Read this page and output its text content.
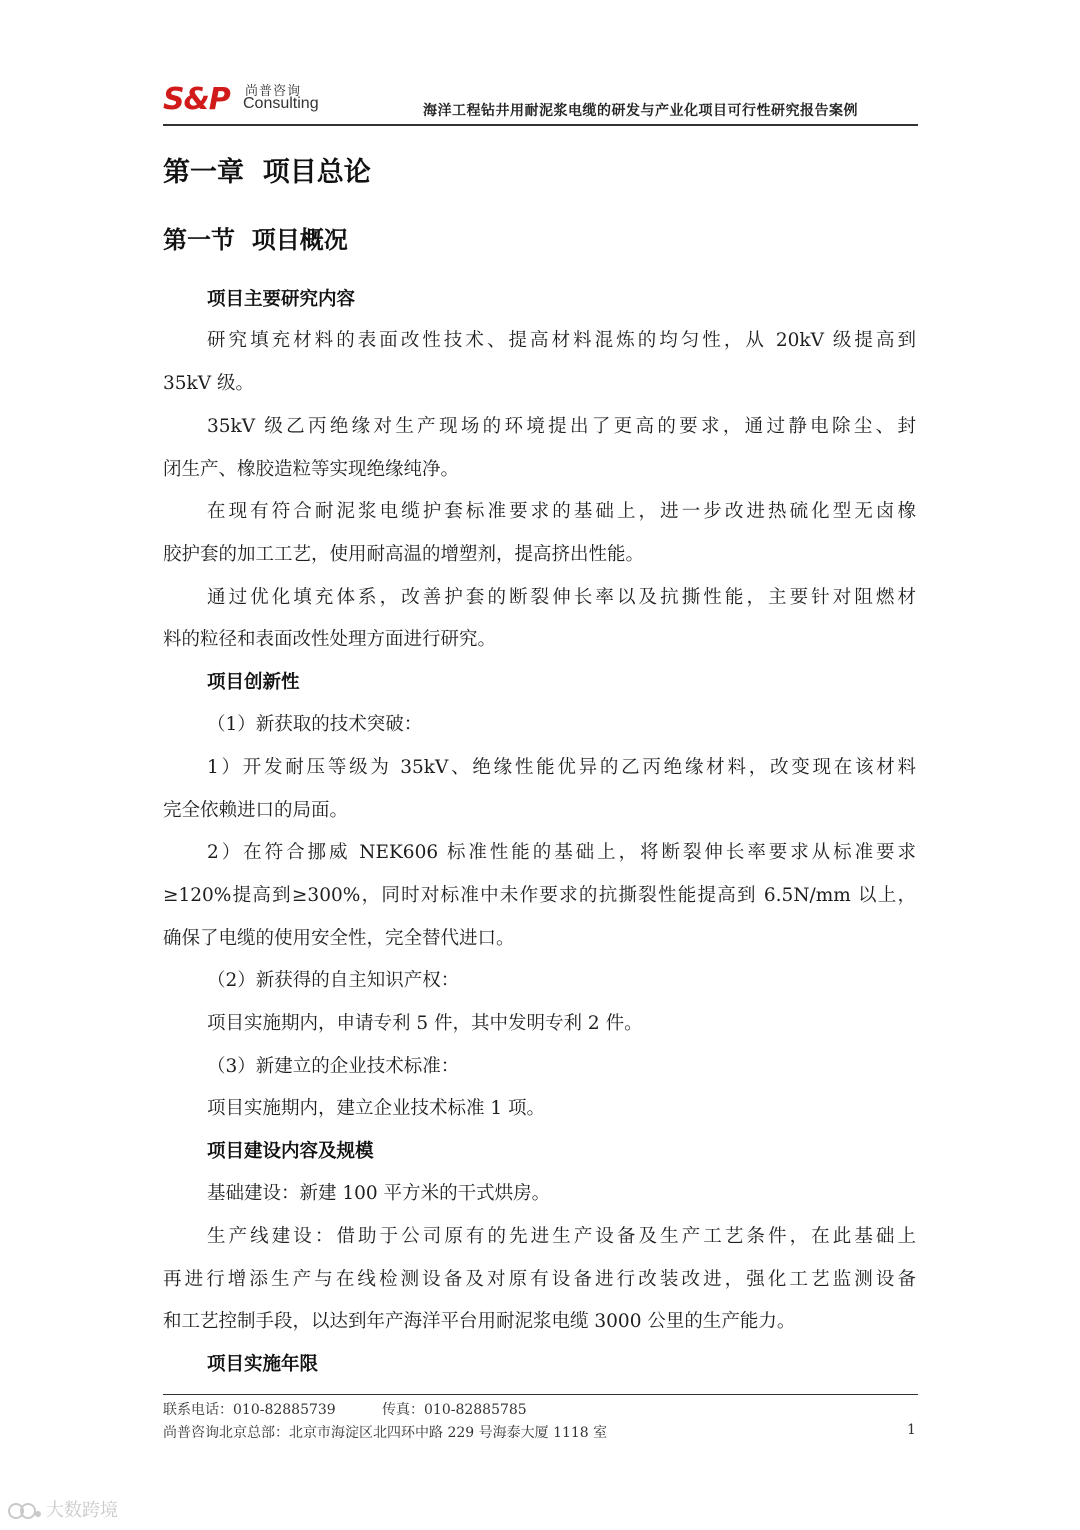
S&P 尚普咨询
Consulting	海洋工程钻井用耐泥浆电缆的研发与产业化项目可行性研究报告案例
第一章  项目总论
第一节  项目概况
项目主要研究内容
研究填充材料的表面改性技术、提高材料混炼的均匀性，从 20kV 级提高到
35kV 级。
35kV 级乙丙绝缘对生产现场的环境提出了更高的要求，通过静电除尘、封
闭生产、橡胶造粒等实现绝缘纯净。
在现有符合耐泥浆电缆护套标准要求的基础上，进一步改进热硫化型无卤橡
胶护套的加工工艺，使用耐高温的增塑剂，提高挤出性能。
通过优化填充体系，改善护套的断裂伸长率以及抗撕性能，主要针对阻燃材
料的粒径和表面改性处理方面进行研究。
项目创新性
（1）新获取的技术突破：
1）开发耐压等级为 35kV、绝缘性能优异的乙丙绝缘材料，改变现在该材料
完全依赖进口的局面。
2）在符合挪威 NEK606 标准性能的基础上，将断裂伸长率要求从标准要求
≥120%提高到≥300%，同时对标准中未作要求的抗撕裂性能提高到 6.5N/mm 以上，
确保了电缆的使用安全性，完全替代进口。
（2）新获得的自主知识产权：
项目实施期内，申请专利 5 件，其中发明专利 2 件。
（3）新建立的企业技术标准：
项目实施期内，建立企业技术标准 1 项。
项目建设内容及规模
基础建设：新建 100 平方米的干式烘房。
生产线建设：借助于公司原有的先进生产设备及生产工艺条件，在此基础上
再进行增添生产与在线检测设备及对原有设备进行改装改进，强化工艺监测设备
和工艺控制手段，以达到年产海洋平台用耐泥浆电缆 3000 公里的生产能力。
项目实施年限
联系电话：010-82885739	传真：010-82885785
尚普咨询北京总部：北京市海淀区北四环中路 229 号海泰大厦 1118 室	1
大数跨境
